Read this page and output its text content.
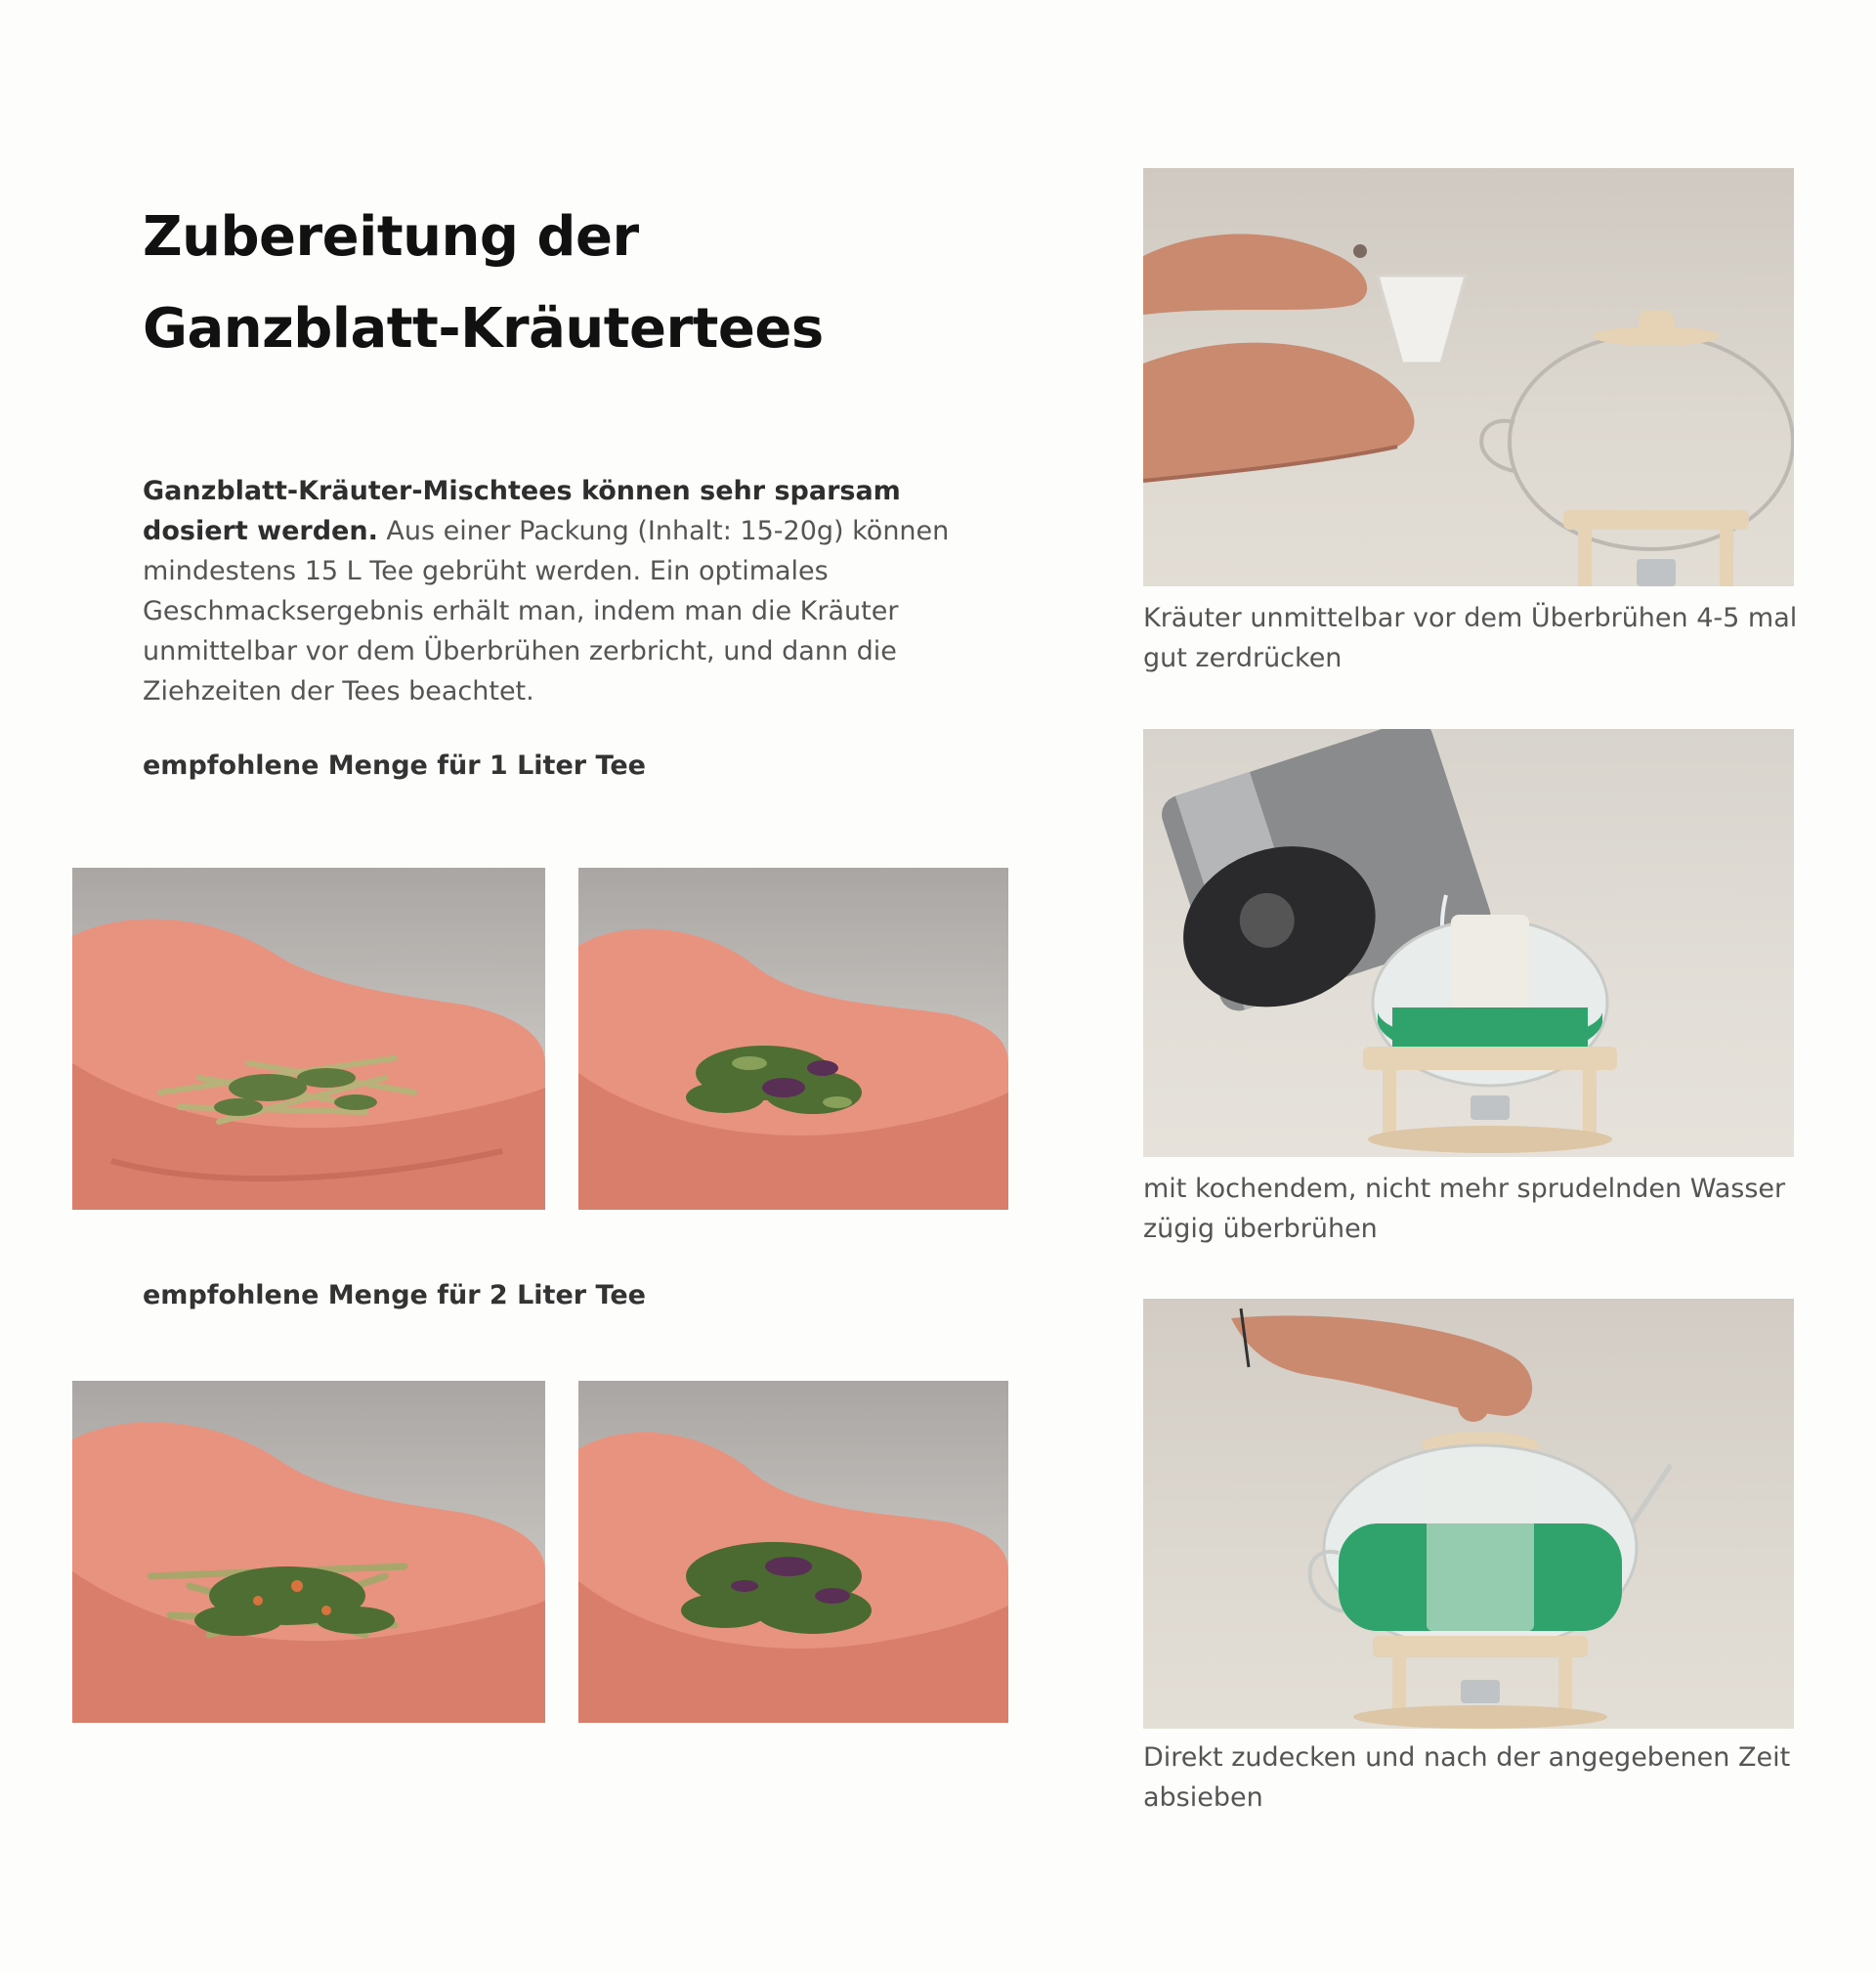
Zubereitung der
Ganzblatt-Kräutertees

Ganzblatt-Kräuter-Mischtees können sehr sparsam dosiert werden. Aus einer Packung (Inhalt: 15-20g) können mindestens 15 L Tee gebrüht werden. Ein optimales Geschmacksergebnis erhält man, indem man die Kräuter unmittelbar vor dem Überbrühen zerbricht, und dann die Ziehzeiten der Tees beachtet.

empfohlene Menge für 1 Liter Tee

empfohlene Menge für 2 Liter Tee

Kräuter unmittelbar vor dem Überbrühen 4-5 mal gut zerdrücken

mit kochendem, nicht mehr sprudelnden Wasser zügig überbrühen

Direkt zudecken und nach der angegebenen Zeit absieben
